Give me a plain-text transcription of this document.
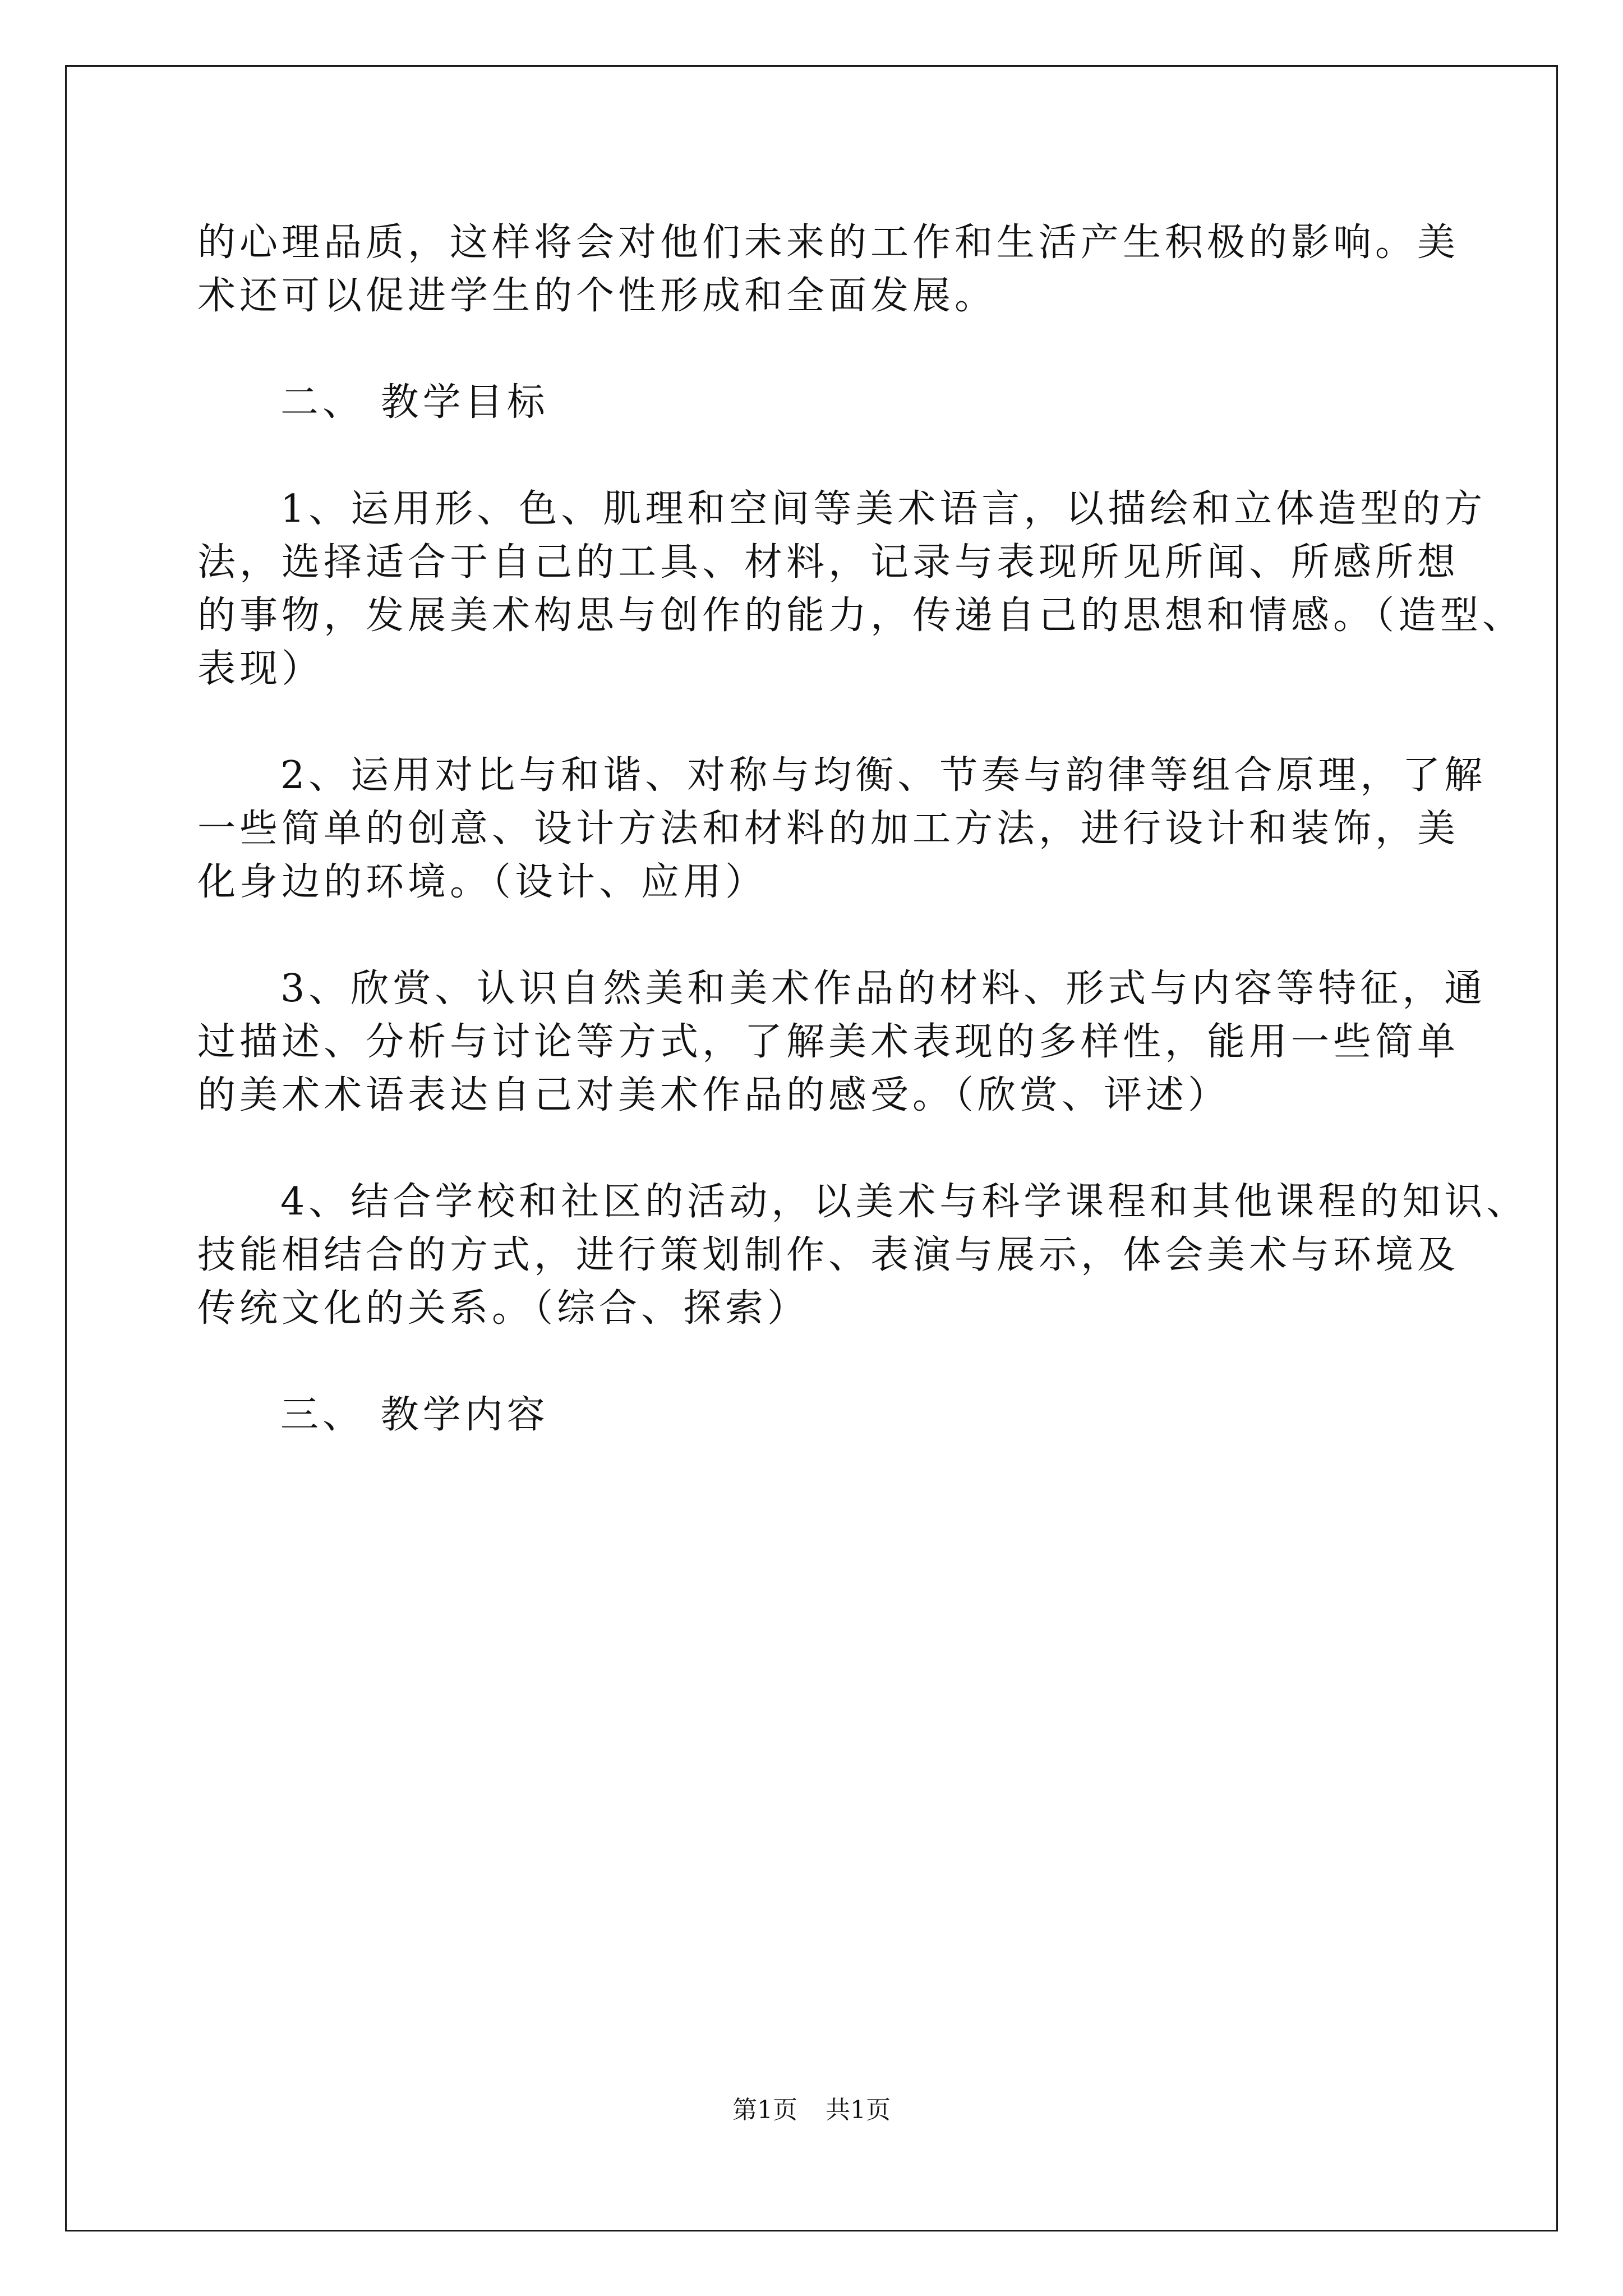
的心理品质，这样将会对他们未来的工作和生活产生积极的影响。美
术还可以促进学生的个性形成和全面发展。
二、 教学目标
1、运用形、色、肌理和空间等美术语言，以描绘和立体造型的方
法，选择适合于自己的工具、材料，记录与表现所见所闻、所感所想
的事物，发展美术构思与创作的能力，传递自己的思想和情感。（造型、
表现）
2、运用对比与和谐、对称与均衡、节奏与韵律等组合原理，了解
一些简单的创意、设计方法和材料的加工方法，进行设计和装饰，美
化身边的环境。（设计、应用）
3、欣赏、认识自然美和美术作品的材料、形式与内容等特征，通
过描述、分析与讨论等方式，了解美术表现的多样性，能用一些简单
的美术术语表达自己对美术作品的感受。（欣赏、评述）
4、结合学校和社区的活动，以美术与科学课程和其他课程的知识、
技能相结合的方式，进行策划制作、表演与展示，体会美术与环境及
传统文化的关系。（综合、探索）
三、 教学内容
第1页 共1页
